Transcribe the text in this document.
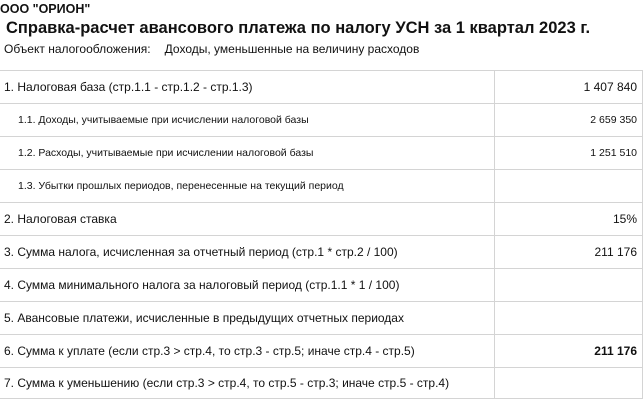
ООО "ОРИОН"
Справка-расчет авансового платежа по налогу УСН за 1 квартал 2023 г.
Объект налогообложения: Доходы, уменьшенные на величину расходов
1. Налоговая база (стр.1.1 - стр.1.2 - стр.1.3)	1 407 840
1.1. Доходы, учитываемые при исчислении налоговой базы	2 659 350
1.2. Расходы, учитываемые при исчислении налоговой базы	1 251 510
1.3. Убытки прошлых периодов, перенесенные на текущий период	
2. Налоговая ставка	15%
3. Сумма налога, исчисленная за отчетный период (стр.1 * стр.2 / 100)	211 176
4. Сумма минимального налога за налоговый период (стр.1.1 * 1 / 100)	
5. Авансовые платежи, исчисленные в предыдущих отчетных периодах	
6. Сумма к уплате (если стр.3 > стр.4, то стр.3 - стр.5; иначе стр.4 - стр.5)	211 176
7. Сумма к уменьшению (если стр.3 > стр.4, то стр.5 - стр.3; иначе стр.5 - стр.4)	
